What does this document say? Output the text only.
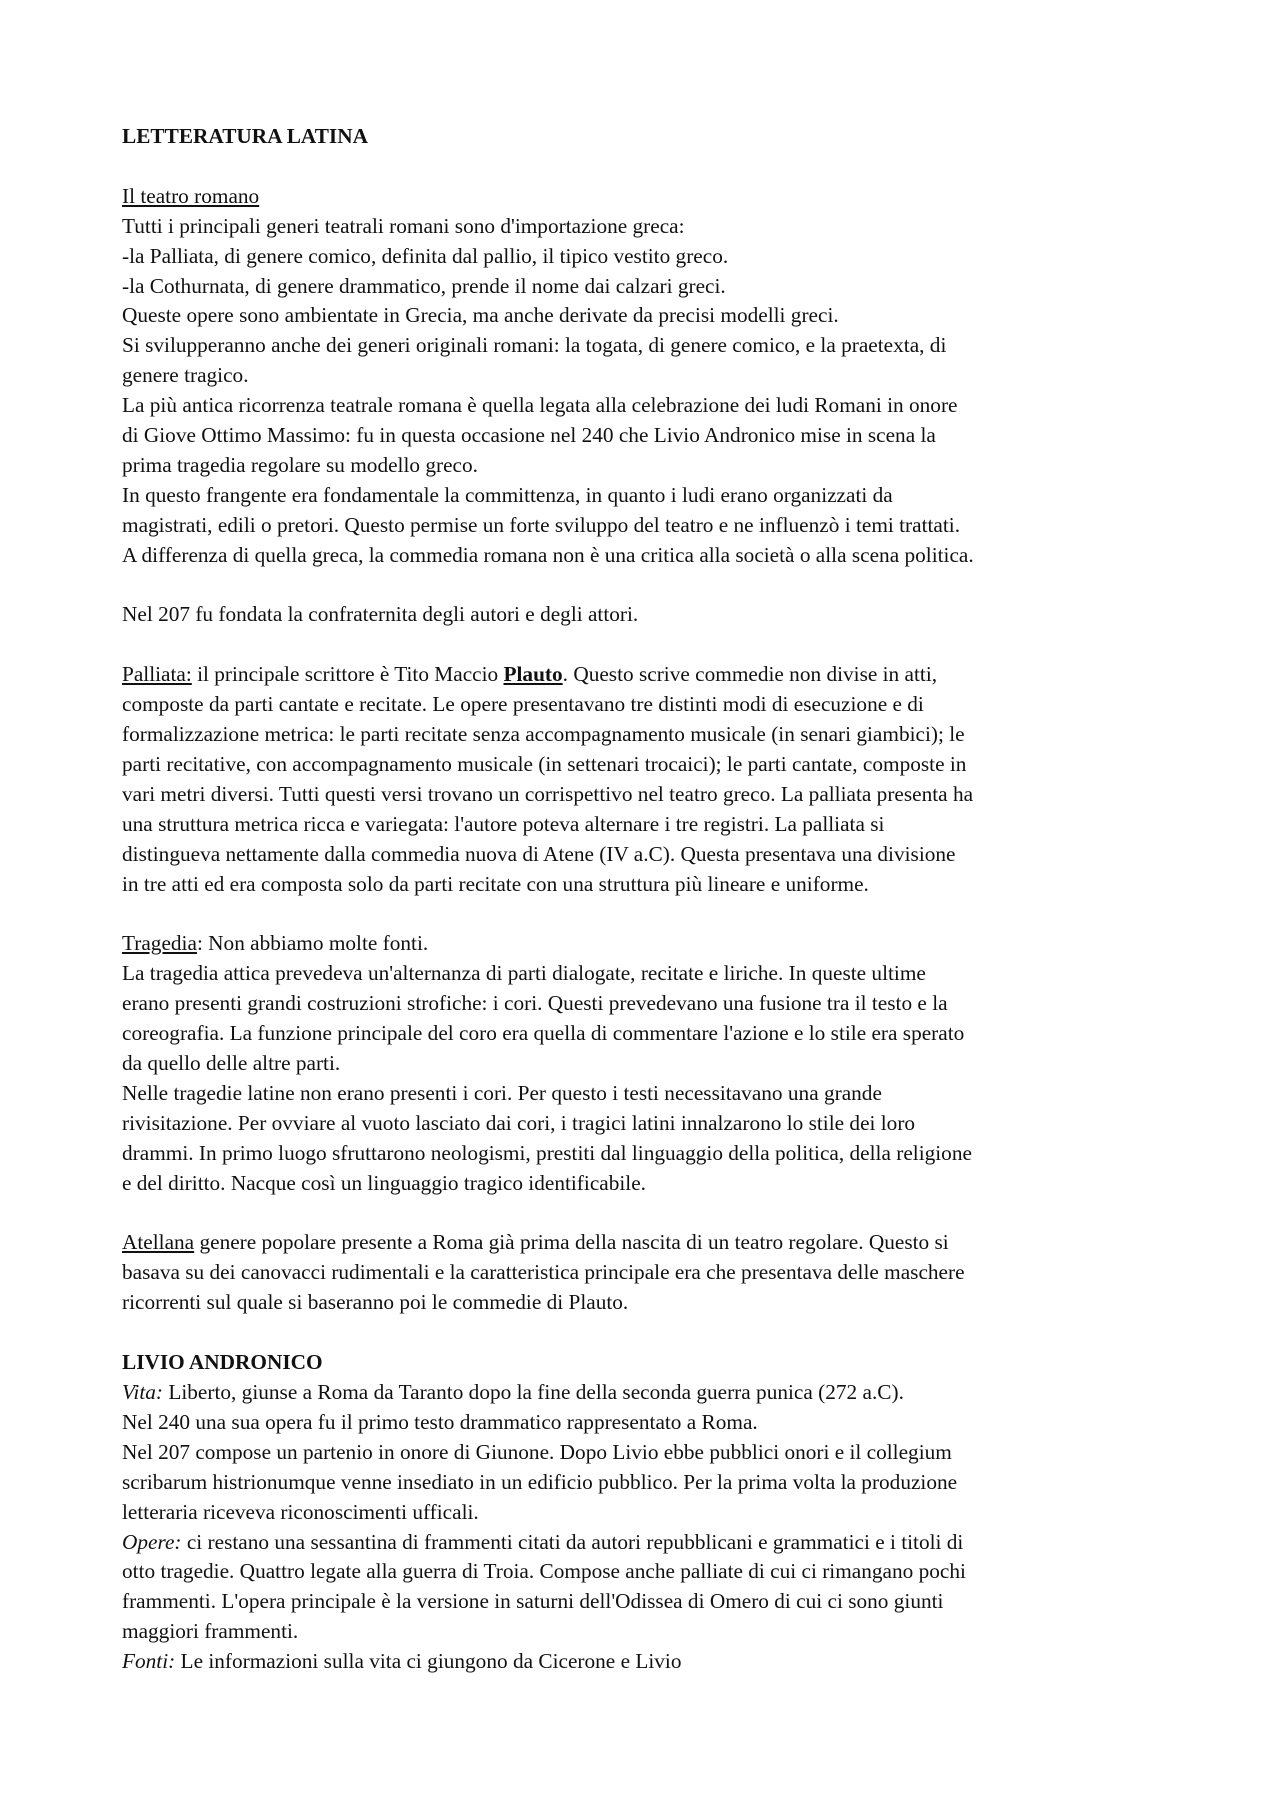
LETTERATURA LATINA
Il teatro romano
Tutti i principali generi teatrali romani sono d'importazione greca:
-la Palliata, di genere comico, definita dal pallio, il tipico vestito greco.
-la Cothurnata, di genere drammatico, prende il nome dai calzari greci.
Queste opere sono ambientate in Grecia, ma anche derivate da precisi modelli greci.
Si svilupperanno anche dei generi originali romani: la togata, di genere comico, e la praetexta, di
genere tragico.
La più antica ricorrenza teatrale romana è quella legata alla celebrazione dei ludi Romani in onore
di Giove Ottimo Massimo: fu in questa occasione nel 240 che Livio Andronico mise in scena la
prima tragedia regolare su modello greco.
In questo frangente era fondamentale la committenza, in quanto i ludi erano organizzati da
magistrati, edili o pretori. Questo permise un forte sviluppo del teatro e ne influenzò i temi trattati.
A differenza di quella greca, la commedia romana non è una critica alla società o alla scena politica.
Nel 207 fu fondata la confraternita degli autori e degli attori.
Palliata: il principale scrittore è Tito Maccio Plauto. Questo scrive commedie non divise in atti,
composte da parti cantate e recitate. Le opere presentavano tre distinti modi di esecuzione e di
formalizzazione metrica: le parti recitate senza accompagnamento musicale (in senari giambici); le
parti recitative, con accompagnamento musicale (in settenari trocaici); le parti cantate, composte in
vari metri diversi. Tutti questi versi trovano un corrispettivo nel teatro greco. La palliata presenta ha
una struttura metrica ricca e variegata: l'autore poteva alternare i tre registri. La palliata si
distingueva nettamente dalla commedia nuova di Atene (IV a.C). Questa presentava una divisione
in tre atti ed era composta solo da parti recitate con una struttura più lineare e uniforme.
Tragedia: Non abbiamo molte fonti.
La tragedia attica prevedeva un'alternanza di parti dialogate, recitate e liriche. In queste ultime
erano presenti grandi costruzioni strofiche: i cori. Questi prevedevano una fusione tra il testo e la
coreografia. La funzione principale del coro era quella di commentare l'azione e lo stile era sperato
da quello delle altre parti.
Nelle tragedie latine non erano presenti i cori. Per questo i testi necessitavano una grande
rivisitazione. Per ovviare al vuoto lasciato dai cori, i tragici latini innalzarono lo stile dei loro
drammi. In primo luogo sfruttarono neologismi, prestiti dal linguaggio della politica, della religione
e del diritto. Nacque così un linguaggio tragico identificabile.
Atellana genere popolare presente a Roma già prima della nascita di un teatro regolare. Questo si
basava su dei canovacci rudimentali e la caratteristica principale era che presentava delle maschere
ricorrenti sul quale si baseranno poi le commedie di Plauto.
LIVIO ANDRONICO
Vita: Liberto, giunse a Roma da Taranto dopo la fine della seconda guerra punica (272 a.C).
Nel 240 una sua opera fu il primo testo drammatico rappresentato a Roma.
Nel 207 compose un partenio in onore di Giunone. Dopo Livio ebbe pubblici onori e il collegium
scribarum histrionumque venne insediato in un edificio pubblico. Per la prima volta la produzione
letteraria riceveva riconoscimenti ufficali.
Opere: ci restano una sessantina di frammenti citati da autori repubblicani e grammatici e i titoli di
otto tragedie. Quattro legate alla guerra di Troia. Compose anche palliate di cui ci rimangano pochi
frammenti. L'opera principale è la versione in saturni dell'Odissea di Omero di cui ci sono giunti
maggiori frammenti.
Fonti: Le informazioni sulla vita ci giungono da Cicerone e Livio
